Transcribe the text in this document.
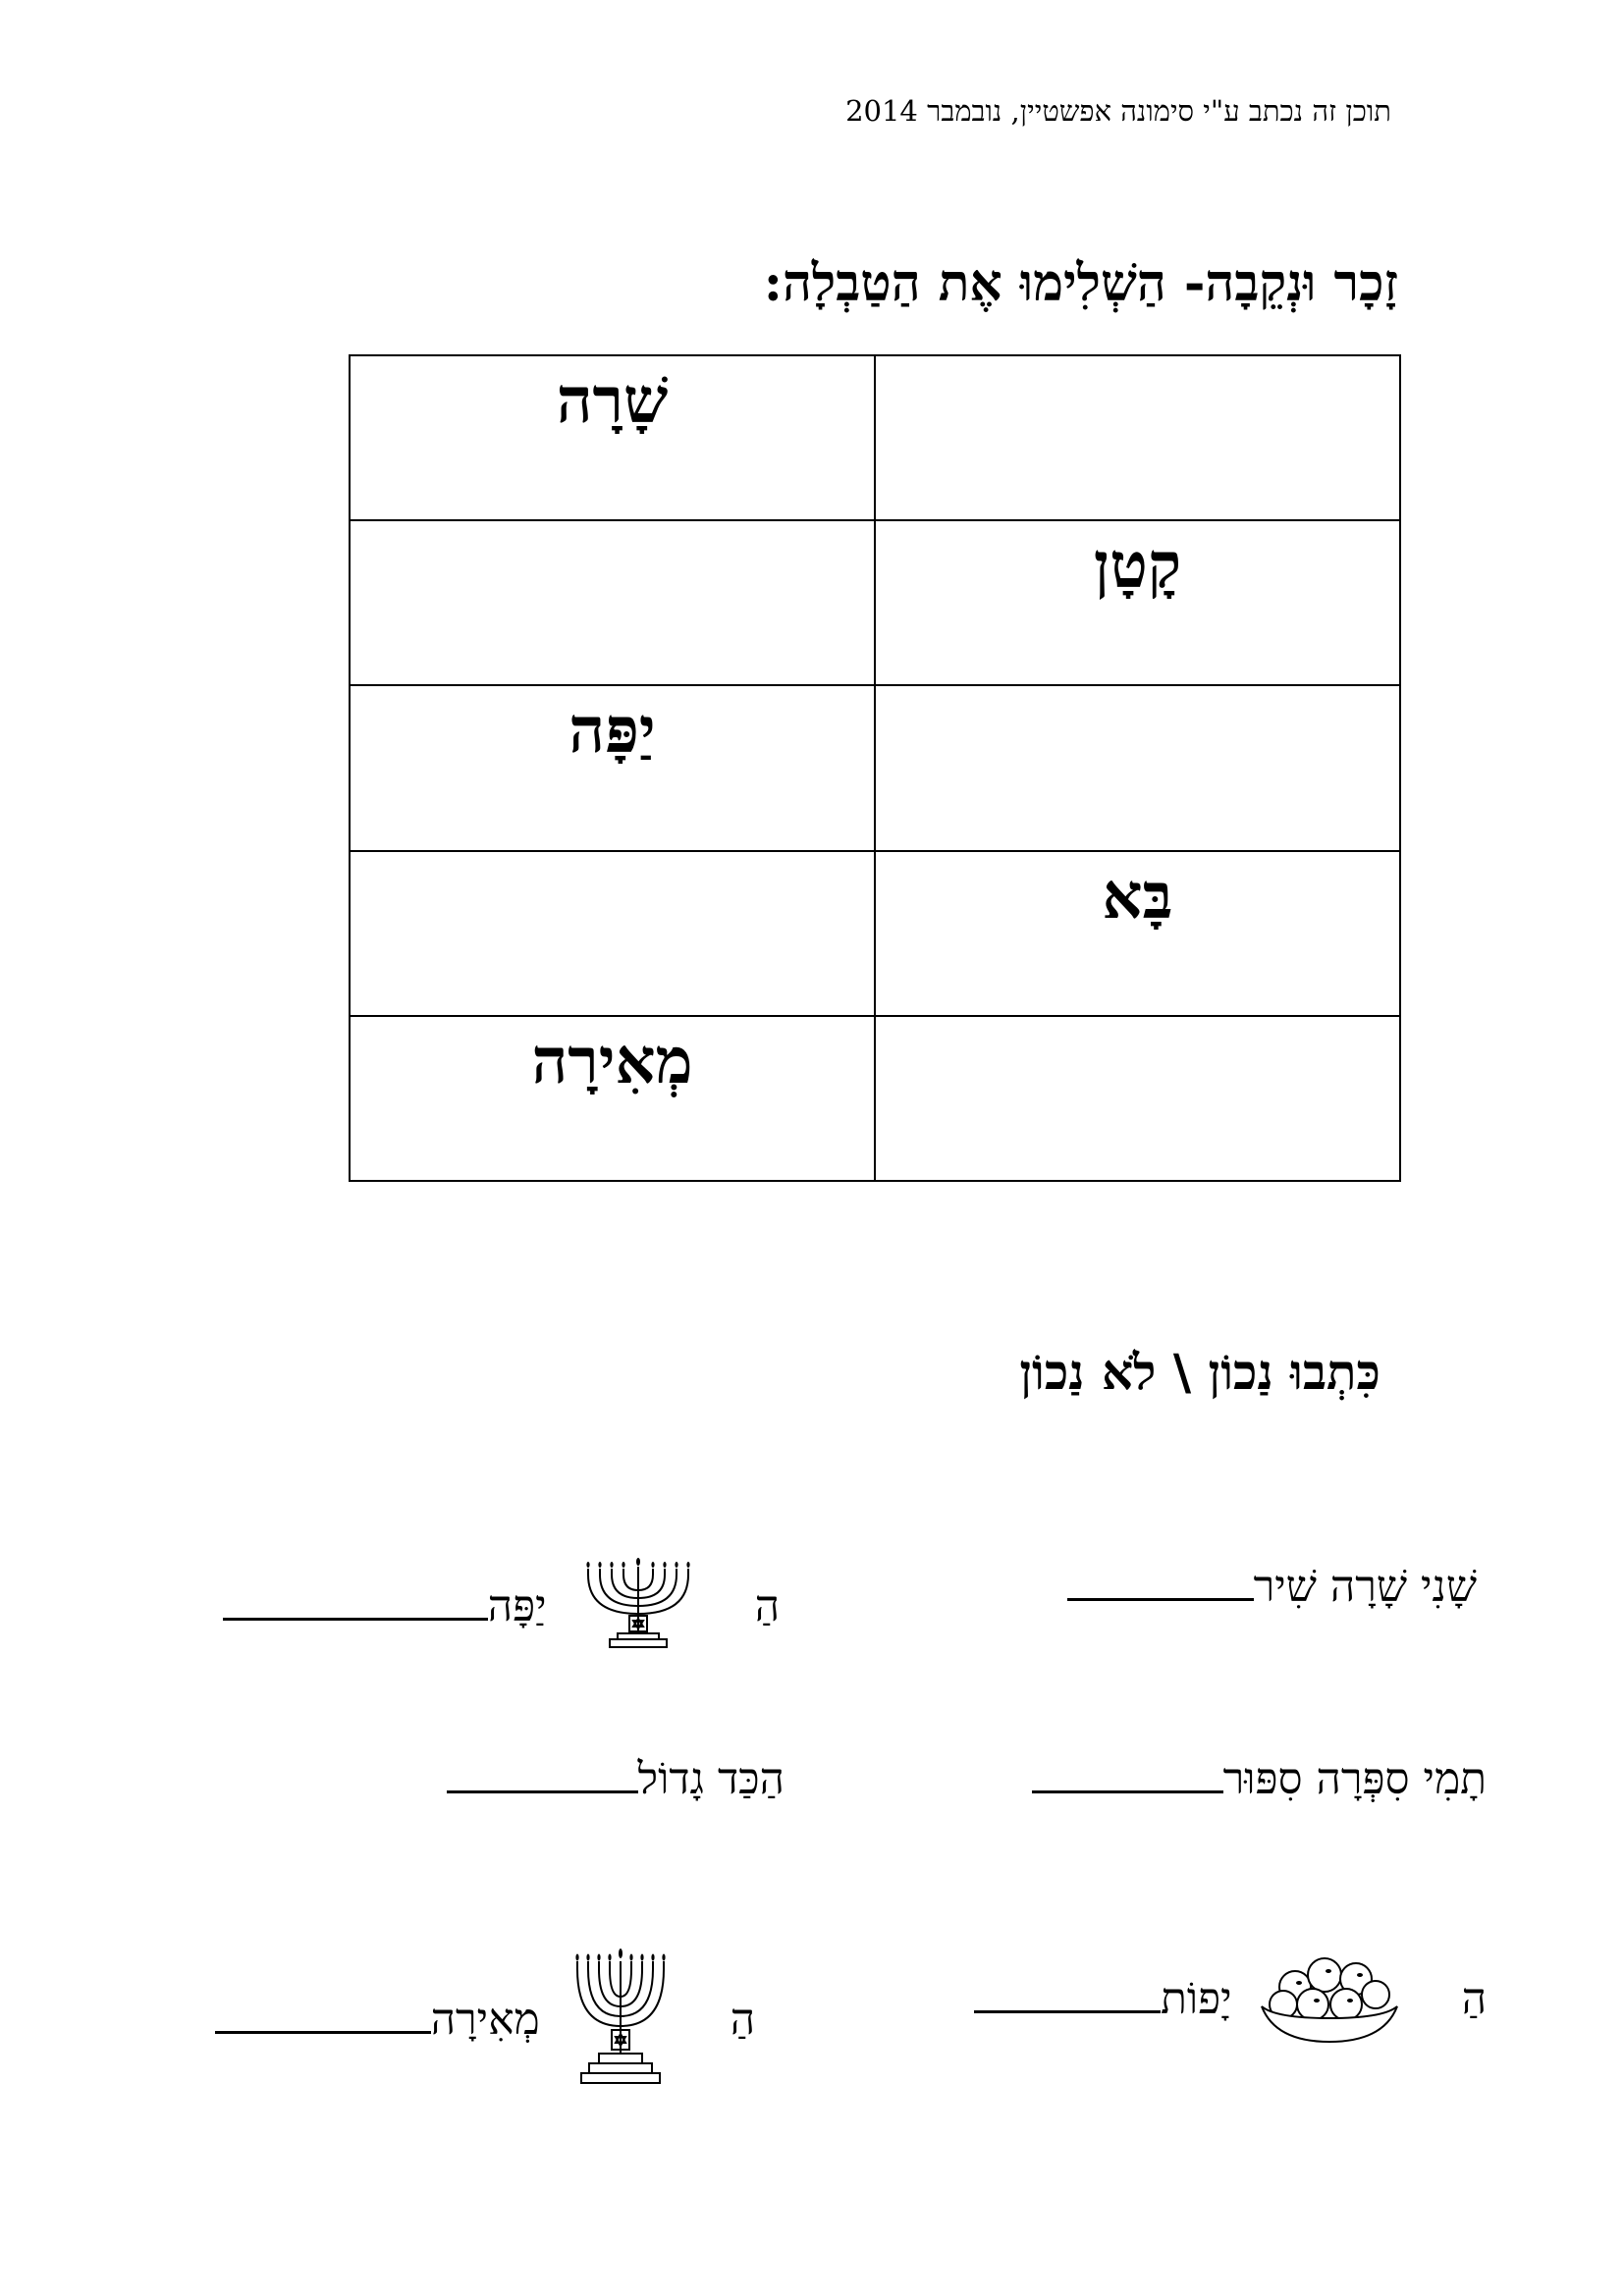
תוכן זה נכתב ע"י סימונה אפשטיין, נובמבר 2014
זָכָר וּנְקֵבָה- הַשְׁלִימוּ אֶת הַטַבְלָה:
	שָׁרָה
קָטָן	
	יַפָּה
בָּא	
	מְאִירָה
כִּתְבוּ נַכוֹן \ לֹא נַכוֹן
שָׁנִי שָׁרָה שִׁיר
הַיַפָּה
תָמִי סִפְּרָה סִפּוּר
הַכַּד גָדוֹל
הַיָפוֹת
הַמְאִירָה
